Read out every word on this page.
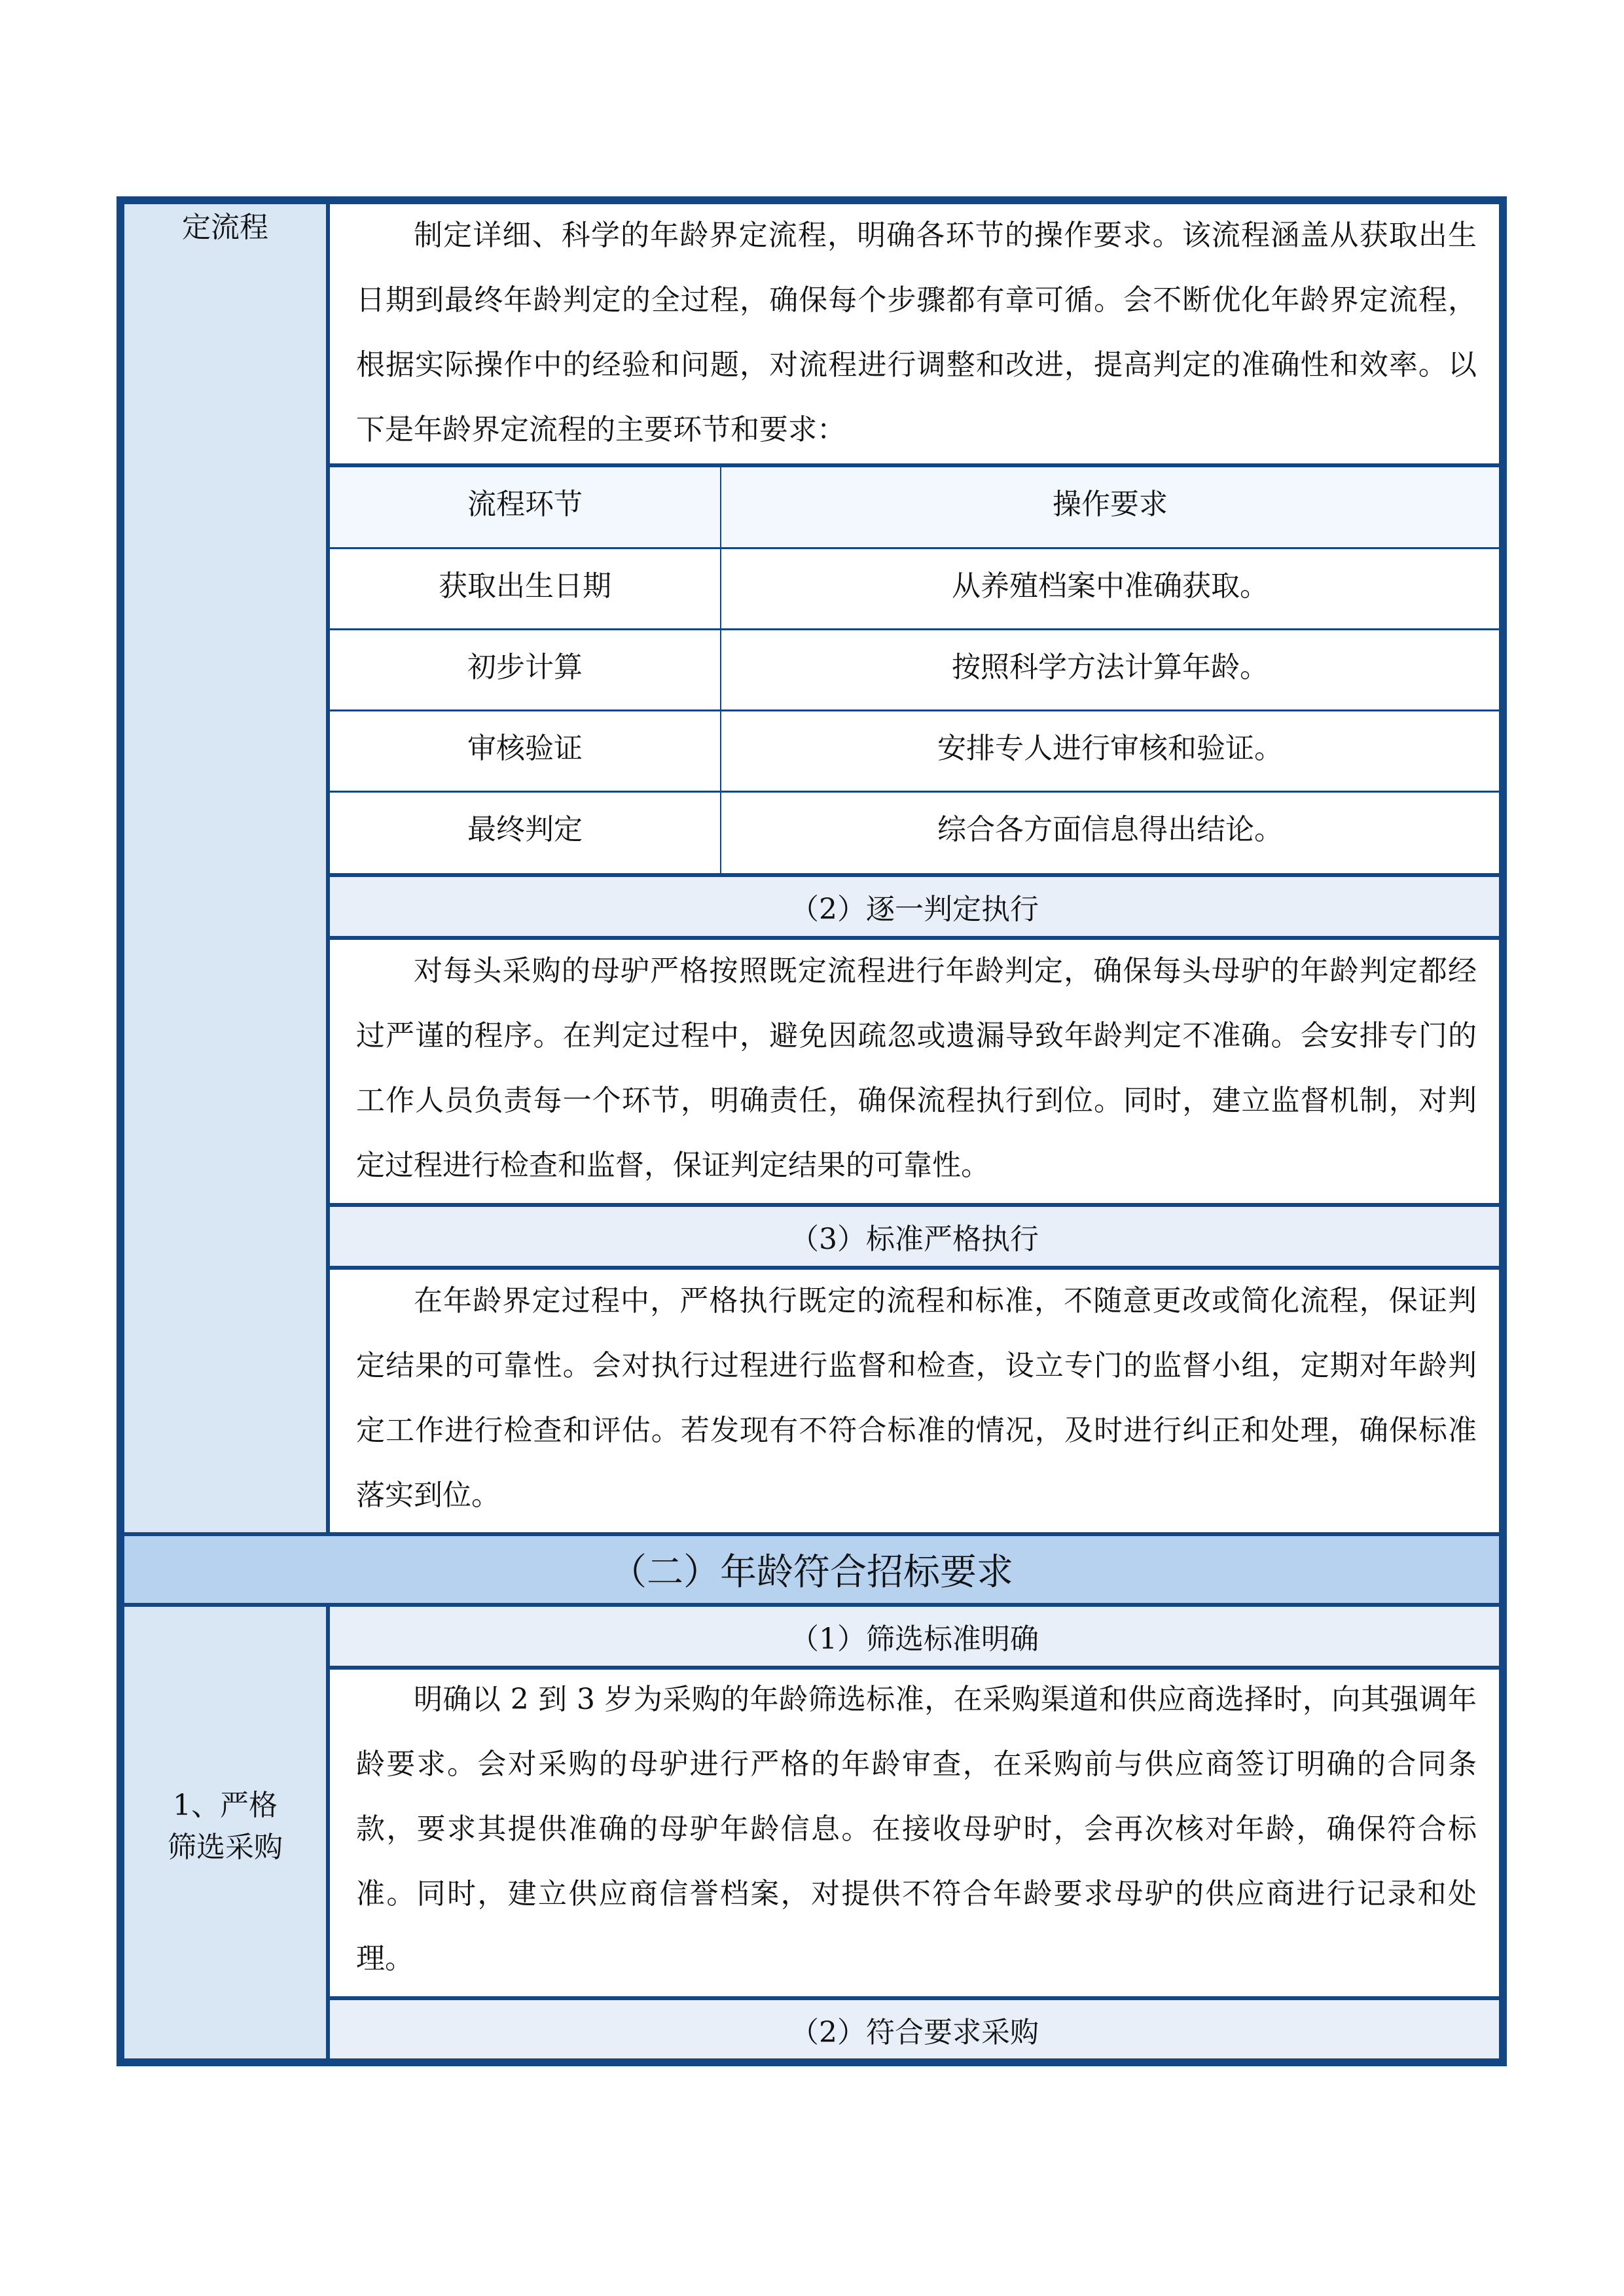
定流程	制定详细、科学的年龄界定流程，明确各环节的操作要求。该流程涵盖从获取出生日期到最终年龄判定的全过程，确保每个步骤都有章可循。会不断优化年龄界定流程，根据实际操作中的经验和问题，对流程进行调整和改进，提高判定的准确性和效率。以下是年龄界定流程的主要环节和要求：

流程环节	操作要求
获取出生日期	从养殖档案中准确获取。
初步计算	按照科学方法计算年龄。
审核验证	安排专人进行审核和验证。
最终判定	综合各方面信息得出结论。
（2）逐一判定执行

对每头采购的母驴严格按照既定流程进行年龄判定，确保每头母驴的年龄判定都经过严谨的程序。在判定过程中，避免因疏忽或遗漏导致年龄判定不准确。会安排专门的工作人员负责每一个环节，明确责任，确保流程执行到位。同时，建立监督机制，对判定过程进行检查和监督，保证判定结果的可靠性。

（3）标准严格执行

在年龄界定过程中，严格执行既定的流程和标准，不随意更改或简化流程，保证判定结果的可靠性。会对执行过程进行监督和检查，设立专门的监督小组，定期对年龄判定工作进行检查和评估。若发现有不符合标准的情况，及时进行纠正和处理，确保标准落实到位。

（二）年龄符合招标要求
1、严格筛选采购
（1）筛选标准明确

明确以 2 到 3 岁为采购的年龄筛选标准，在采购渠道和供应商选择时，向其强调年龄要求。会对采购的母驴进行严格的年龄审查，在采购前与供应商签订明确的合同条款，要求其提供准确的母驴年龄信息。在接收母驴时，会再次核对年龄，确保符合标准。同时，建立供应商信誉档案，对提供不符合年龄要求母驴的供应商进行记录和处理。

（2）符合要求采购
